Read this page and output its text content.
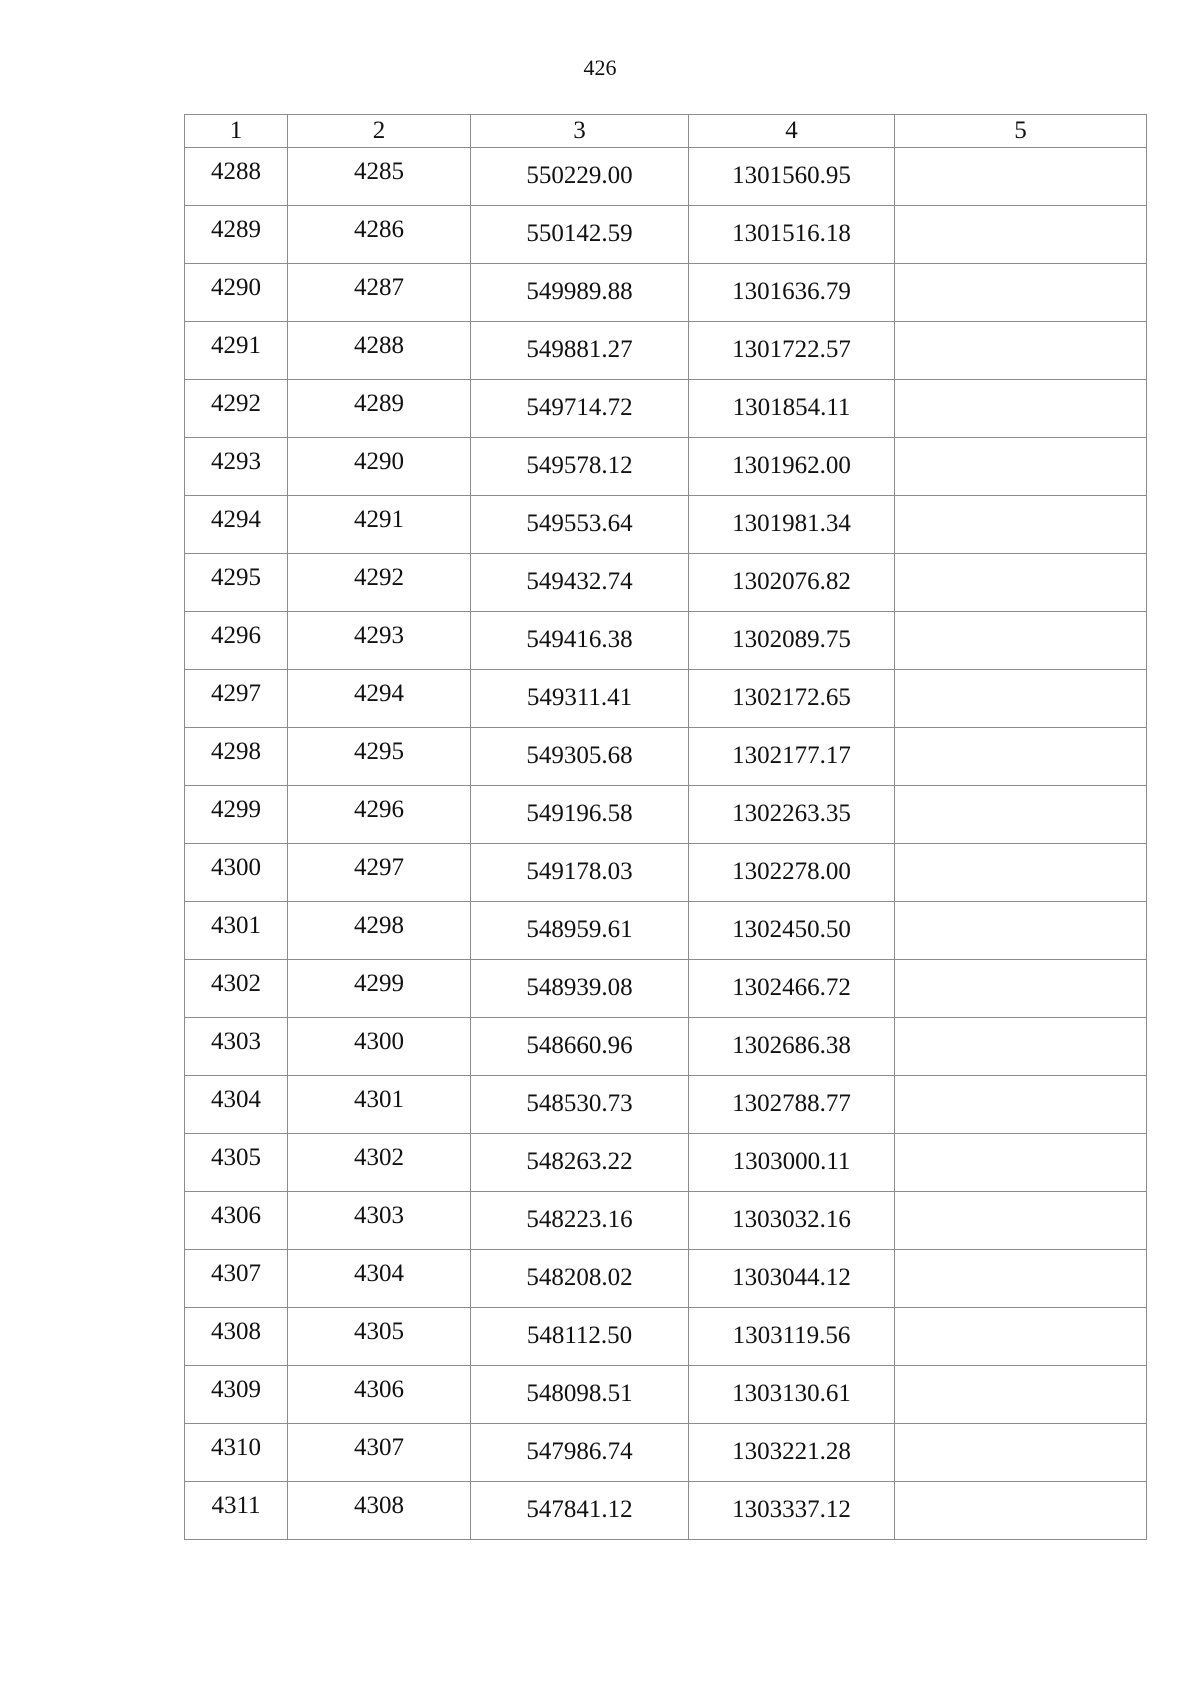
426
1	2	3	4	5
4288	4285	550229.00	1301560.95	
4289	4286	550142.59	1301516.18	
4290	4287	549989.88	1301636.79	
4291	4288	549881.27	1301722.57	
4292	4289	549714.72	1301854.11	
4293	4290	549578.12	1301962.00	
4294	4291	549553.64	1301981.34	
4295	4292	549432.74	1302076.82	
4296	4293	549416.38	1302089.75	
4297	4294	549311.41	1302172.65	
4298	4295	549305.68	1302177.17	
4299	4296	549196.58	1302263.35	
4300	4297	549178.03	1302278.00	
4301	4298	548959.61	1302450.50	
4302	4299	548939.08	1302466.72	
4303	4300	548660.96	1302686.38	
4304	4301	548530.73	1302788.77	
4305	4302	548263.22	1303000.11	
4306	4303	548223.16	1303032.16	
4307	4304	548208.02	1303044.12	
4308	4305	548112.50	1303119.56	
4309	4306	548098.51	1303130.61	
4310	4307	547986.74	1303221.28	
4311	4308	547841.12	1303337.12	
